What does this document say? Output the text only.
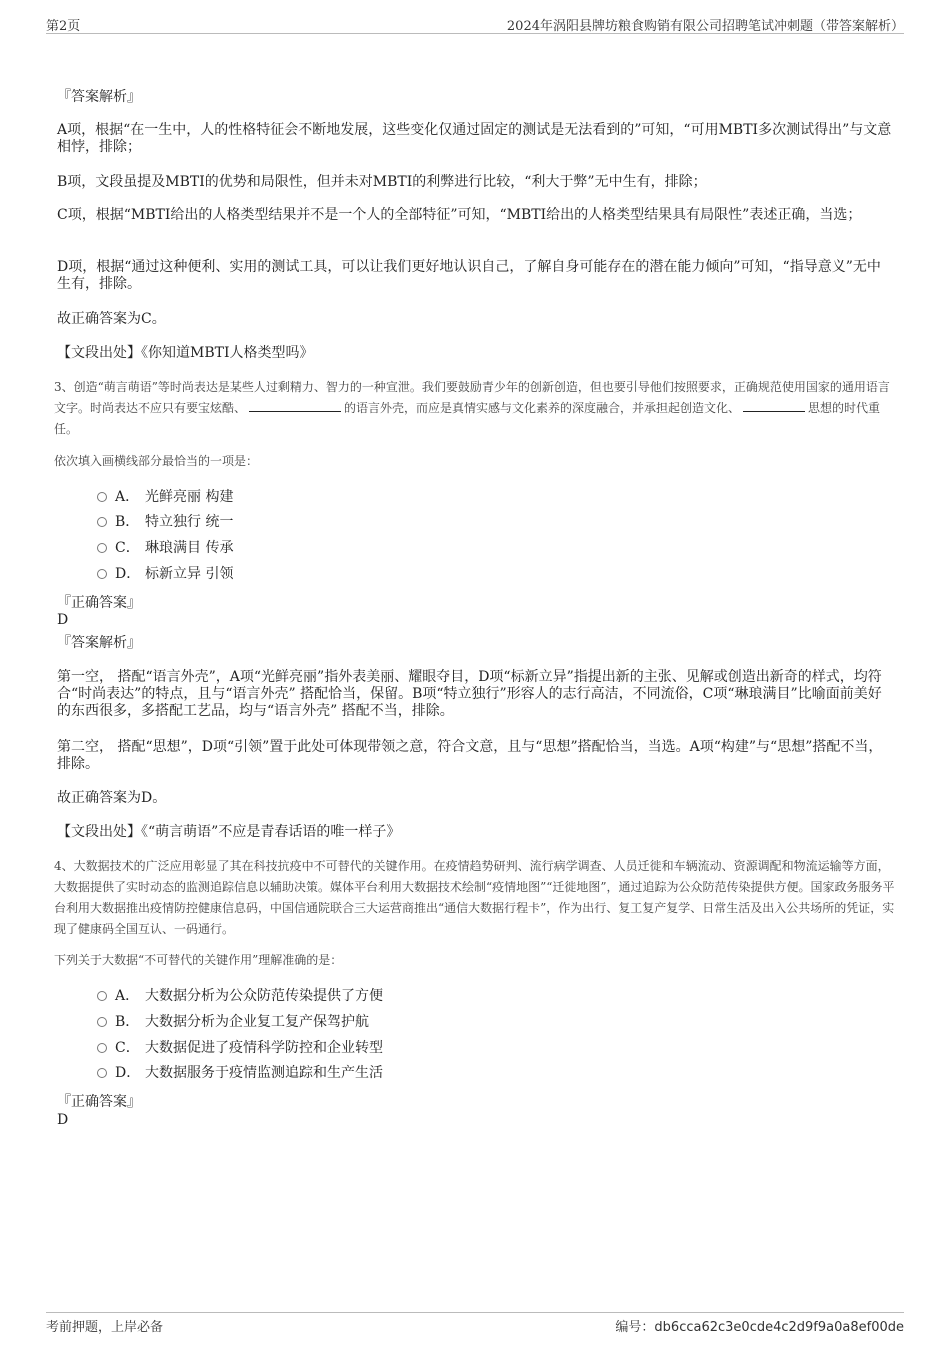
第2页	2024年涡阳县牌坊粮食购销有限公司招聘笔试冲刺题（带答案解析）
『答案解析』
A项，根据“在一生中，人的性格特征会不断地发展，这些变化仅通过固定的测试是无法看到的”可知，“可用MBTI多次测试得出”与文意相悖，排除；
B项，文段虽提及MBTI的优势和局限性，但并未对MBTI的利弊进行比较，“利大于弊”无中生有，排除；
C项，根据“MBTI给出的人格类型结果并不是一个人的全部特征”可知，“MBTI给出的人格类型结果具有局限性”表述正确，当选；
D项，根据“通过这种便利、实用的测试工具，可以让我们更好地认识自己，了解自身可能存在的潜在能力倾向”可知，“指导意义”无中生有，排除。
故正确答案为C。
【文段出处】《你知道MBTI人格类型吗》
3、创造“萌言萌语”等时尚表达是某些人过剩精力、智力的一种宣泄。我们要鼓励青少年的创新创造，但也要引导他们按照要求，正确规范使用国家的通用语言文字。时尚表达不应只有要宝炫酷、	的语言外壳，而应是真情实感与文化素养的深度融合，并承担起创造文化、	思想的时代重任。
依次填入画横线部分最恰当的一项是：
A． 光鲜亮丽 构建
B． 特立独行 统一
C． 琳琅满目 传承
D． 标新立异 引领
『正确答案』
D
『答案解析』
第一空， 搭配“语言外壳”，A项“光鲜亮丽”指外表美丽、耀眼夺目，D项“标新立异”指提出新的主张、见解或创造出新奇的样式，均符合“时尚表达”的特点，且与“语言外壳” 搭配恰当，保留。B项“特立独行”形容人的志行高洁，不同流俗，C项“琳琅满目”比喻面前美好的东西很多，多搭配工艺品，均与“语言外壳” 搭配不当，排除。
第二空， 搭配“思想”，D项“引领”置于此处可体现带领之意，符合文意，且与“思想”搭配恰当，当选。A项“构建”与“思想”搭配不当，排除。
故正确答案为D。
【文段出处】《“萌言萌语”不应是青春话语的唯一样子》
4、大数据技术的广泛应用彰显了其在科技抗疫中不可替代的关键作用。在疫情趋势研判、流行病学调查、人员迁徙和车辆流动、资源调配和物流运输等方面，大数据提供了实时动态的监测追踪信息以辅助决策。媒体平台利用大数据技术绘制“疫情地图”“迁徙地图”，通过追踪为公众防范传染提供方便。国家政务服务平台利用大数据推出疫情防控健康信息码，中国信通院联合三大运营商推出“通信大数据行程卡”，作为出行、复工复产复学、日常生活及出入公共场所的凭证，实现了健康码全国互认、一码通行。
下列关于大数据“不可替代的关键作用”理解准确的是：
A． 大数据分析为公众防范传染提供了方便
B． 大数据分析为企业复工复产保驾护航
C． 大数据促进了疫情科学防控和企业转型
D． 大数据服务于疫情监测追踪和生产生活
『正确答案』
D
考前押题，上岸必备	编号：db6cca62c3e0cde4c2d9f9a0a8ef00de
